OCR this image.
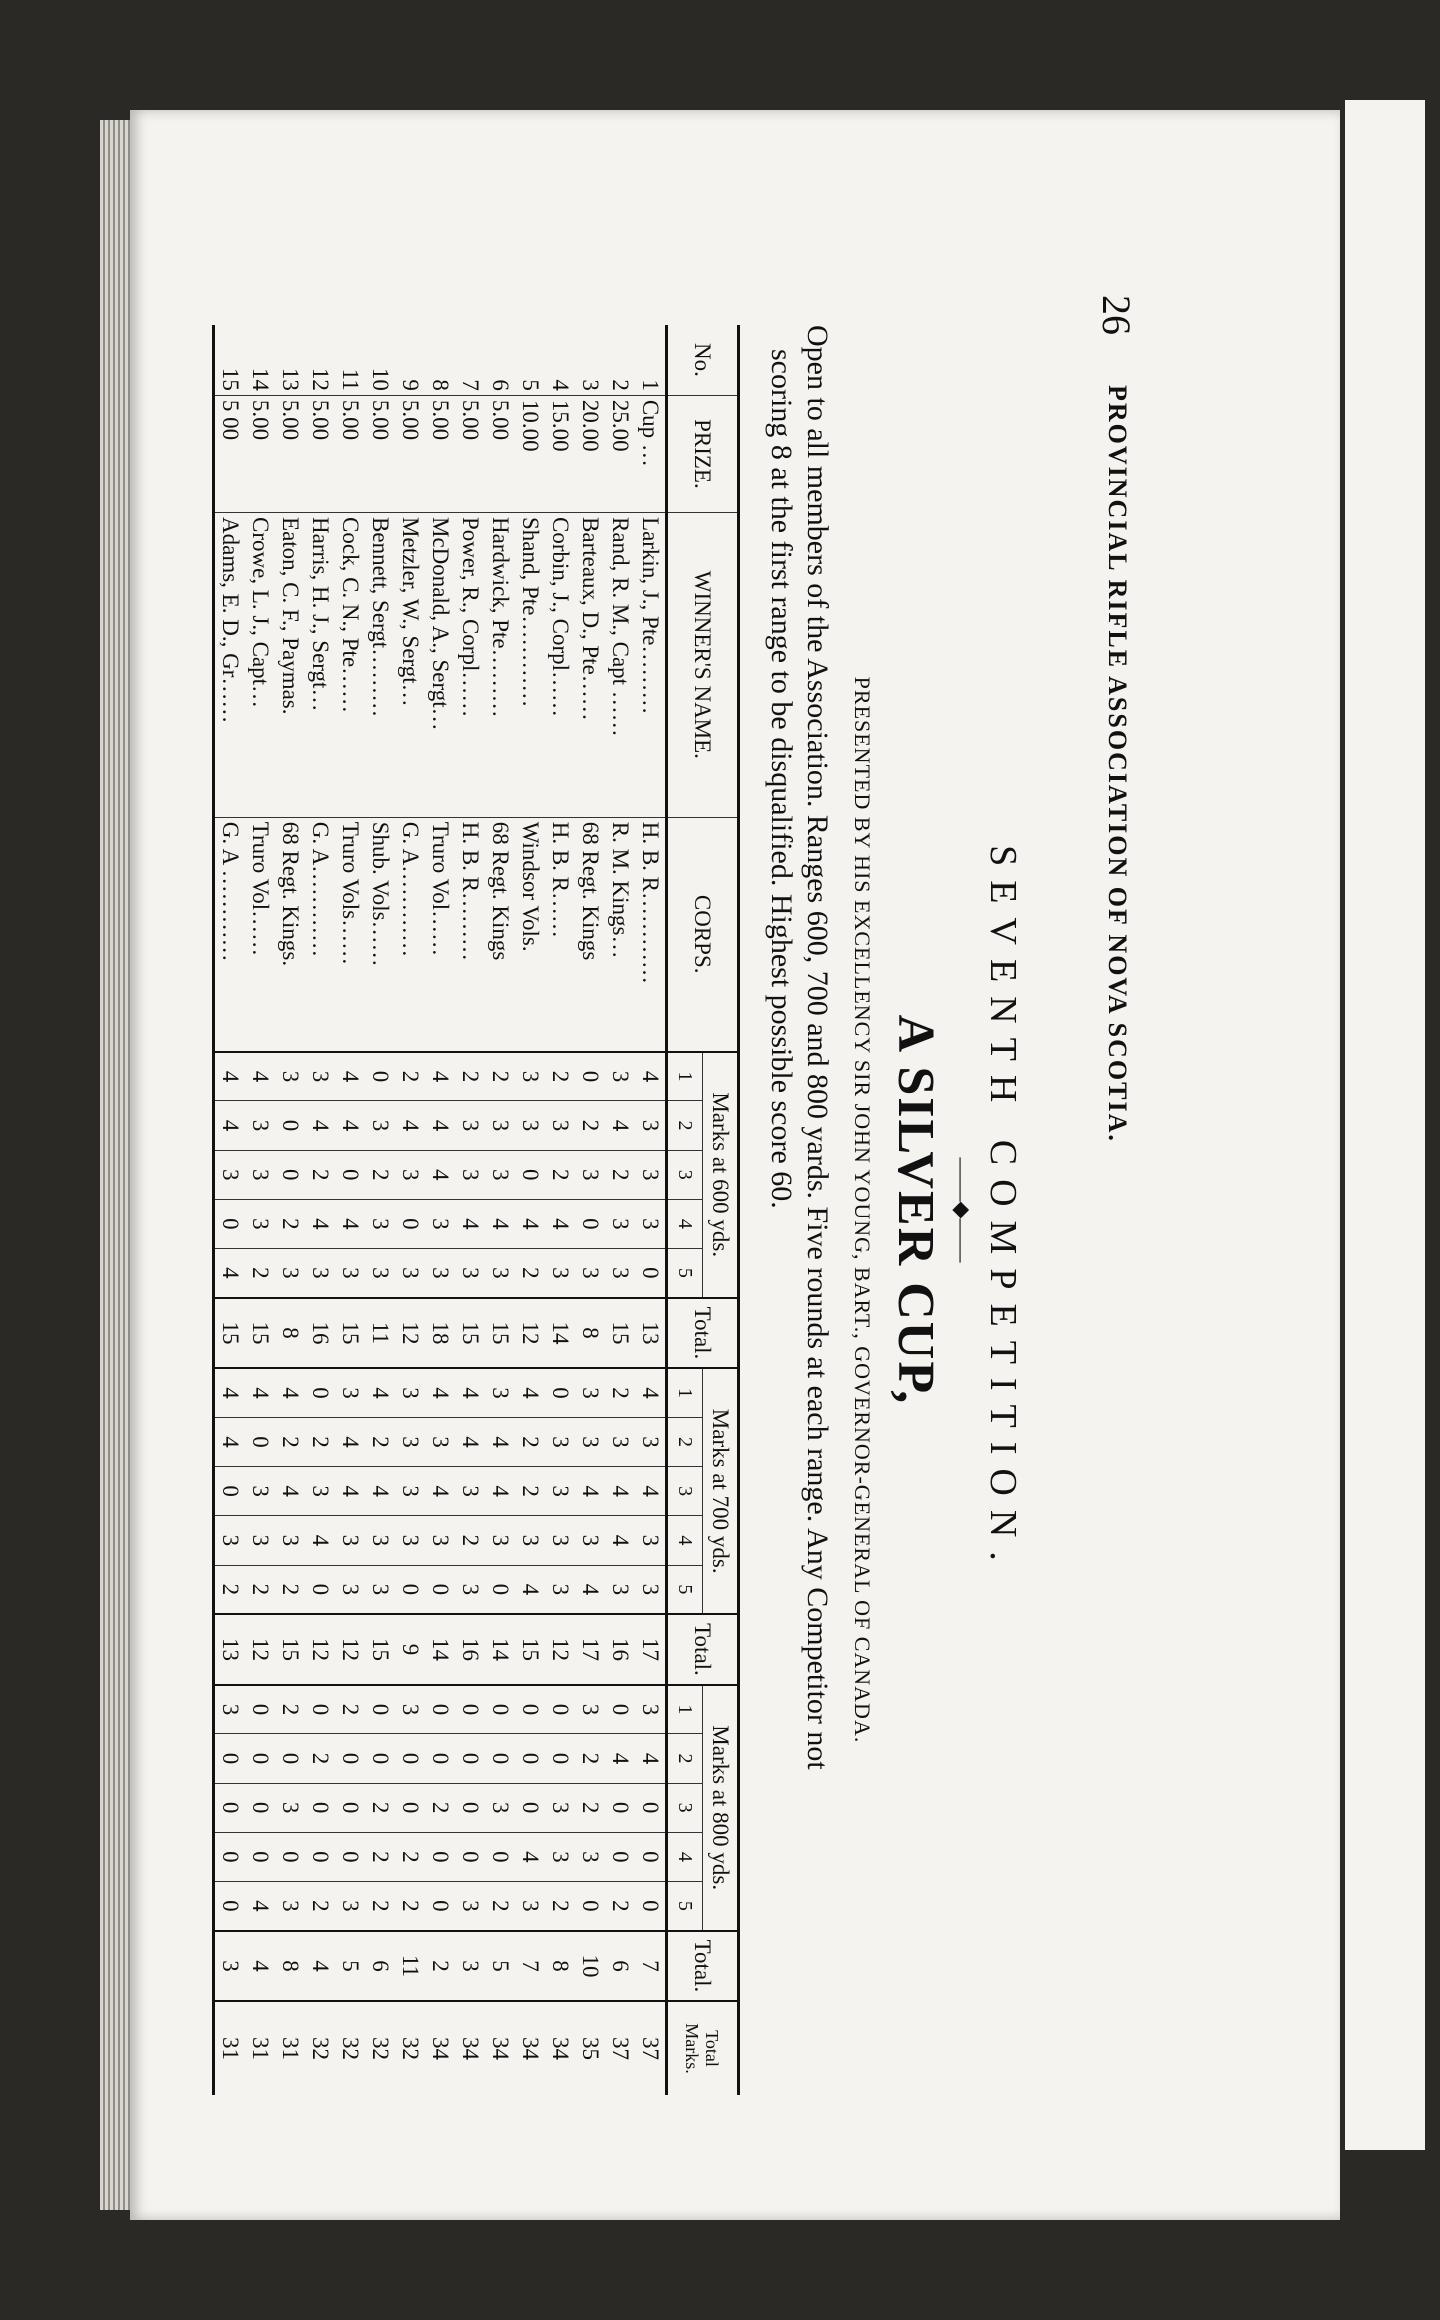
26
PROVINCIAL RIFLE ASSOCIATION OF NOVA SCOTIA.
SEVENTH COMPETITION.
——◆——
A SILVER CUP,
PRESENTED BY HIS EXCELLENCY SIR JOHN YOUNG, BART., GOVERNOR-GENERAL OF CANADA.
Open to all members of the Association. Ranges 600, 700 and 800 yards. Five rounds at each range. Any Competitor not
scoring 8 at the first range to be disqualified. Highest possible score 60.
No.	PRIZE.	WINNER'S NAME.	CORPS.	Marks at 600 yds.					Total.	Marks at 700 yds.					Total.	Marks at 800 yds.					Total.	Total Marks.
				1	2	3	4	5		1	2	3	4	5		1	2	3	4	5		
1	Cup …	Larkin, J., Pte………	H. B. R…………	4	3	3	3	0	13	4	3	4	3	3	17	3	4	0	0	0	7	37
2	25.00	Rand, R. M., Capt ……	R. M. Kings…	3	4	2	3	3	15	2	3	4	4	3	16	0	4	0	0	2	6	37
3	20.00	Barteaux, D., Pte……	68 Regt. Kings	0	2	3	0	3	8	3	3	4	3	4	17	3	2	2	3	0	10	35
4	15.00	Corbin, J., Corpl……	H. B. R……	2	3	2	4	3	14	0	3	3	3	3	12	0	0	3	3	2	8	34
5	10.00	Shand, Pte…………	Windsor Vols.	3	3	0	4	2	12	4	2	2	3	4	15	0	0	0	4	3	7	34
6	5.00	Hardwick, Pte………	68 Regt. Kings	2	3	3	4	3	15	3	4	4	3	0	14	0	0	3	0	2	5	34
7	5.00	Power, R., Corpl……	H. B. R………	2	3	3	4	3	15	4	4	3	2	3	16	0	0	0	0	3	3	34
8	5.00	McDonald, A., Sergt…	Truro Vol……	4	4	4	3	3	18	4	3	4	3	0	14	0	0	2	0	0	2	34
9	5.00	Metzler, W., Sergt…	G. A…………	2	4	3	0	3	12	3	3	3	3	0	9	3	0	0	2	2	11	32
10	5.00	Bennett, Sergt………	Shub. Vols……	0	3	2	3	3	11	4	2	4	3	3	15	0	0	2	2	2	6	32
11	5.00	Cock, C. N., Pte……	Truro Vols……	4	4	0	4	3	15	3	4	4	3	3	12	2	0	0	0	3	5	32
12	5.00	Harris, H. J., Sergt…	G. A…………	3	4	2	4	3	16	0	2	3	4	0	12	0	2	0	0	2	4	32
13	5.00	Eaton, C. F., Paymas.	68 Regt. Kings.	3	0	0	2	3	8	4	2	4	3	2	15	2	0	3	0	3	8	31
14	5.00	Crowe, L. J., Capt…	Truro Vol……	4	3	3	3	2	15	4	0	3	3	2	12	0	0	0	0	4	4	31
15	5 00	Adams, E. D., Gr……	G. A …………	4	4	3	0	4	15	4	4	0	3	2	13	3	0	0	0	0	3	31
